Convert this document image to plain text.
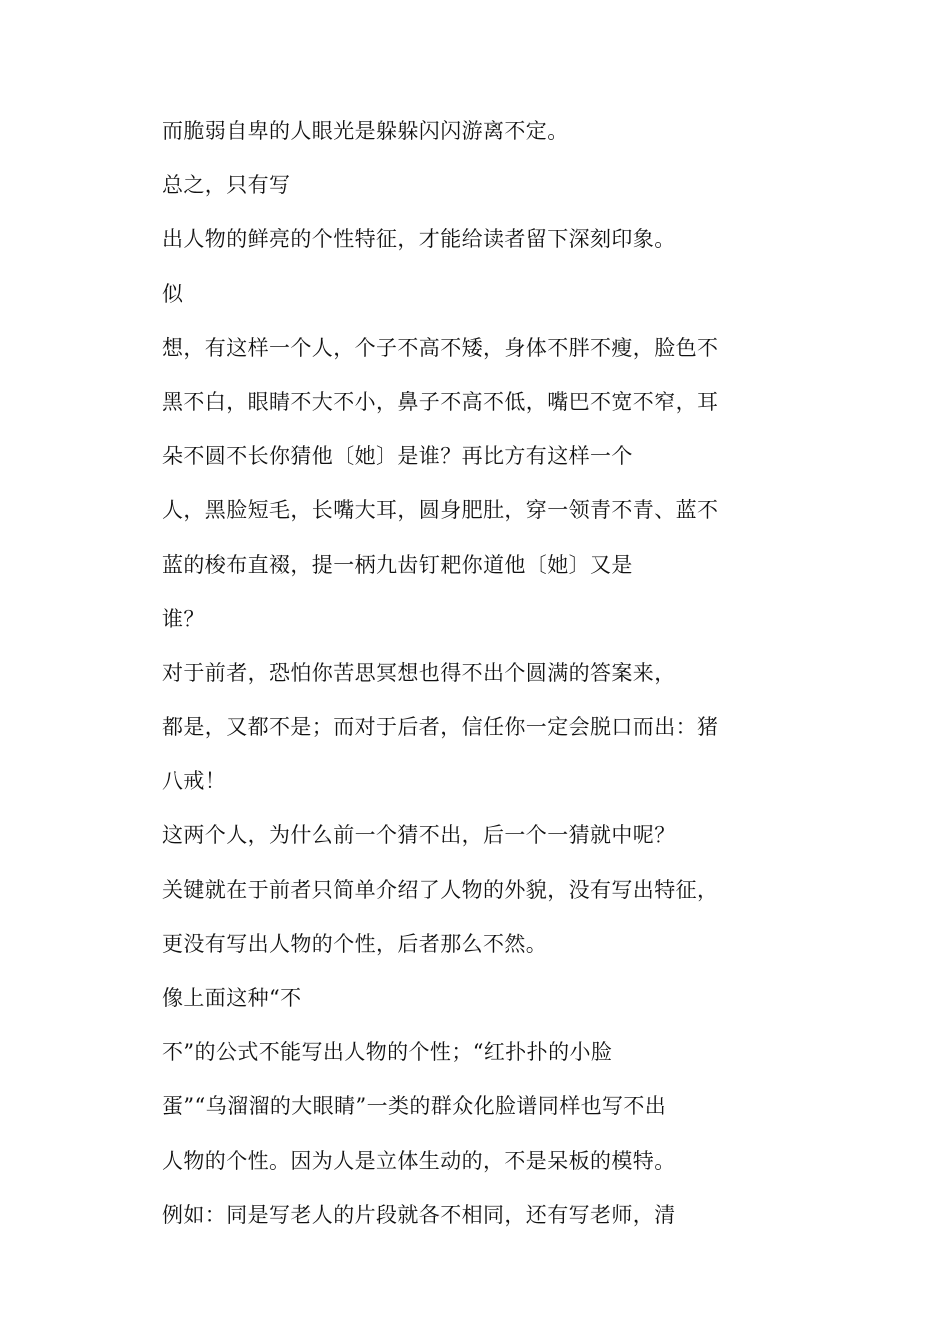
而脆弱自卑的人眼光是躲躲闪闪游离不定。
总之，只有写
出人物的鲜亮的个性特征，才能给读者留下深刻印象。
似
想，有这样一个人，个子不高不矮，身体不胖不瘦，脸色不
黑不白，眼睛不大不小，鼻子不高不低，嘴巴不宽不窄，耳
朵不圆不长你猜他〔她〕是谁？再比方有这样一个
人，黑脸短毛，长嘴大耳，圆身肥肚，穿一领青不青、蓝不
蓝的梭布直裰，提一柄九齿钉耙你道他〔她〕又是
谁？
对于前者，恐怕你苦思冥想也得不出个圆满的答案来，
都是，又都不是；而对于后者，信任你一定会脱口而出：猪
八戒！
这两个人，为什么前一个猜不出，后一个一猜就中呢？
关键就在于前者只简单介绍了人物的外貌，没有写出特征，
更没有写出人物的个性，后者那么不然。
像上面这种“不
不”的公式不能写出人物的个性；“红扑扑的小脸
蛋”“乌溜溜的大眼睛”一类的群众化脸谱同样也写不出
人物的个性。因为人是立体生动的，不是呆板的模特。
例如：同是写老人的片段就各不相同，还有写老师，清
